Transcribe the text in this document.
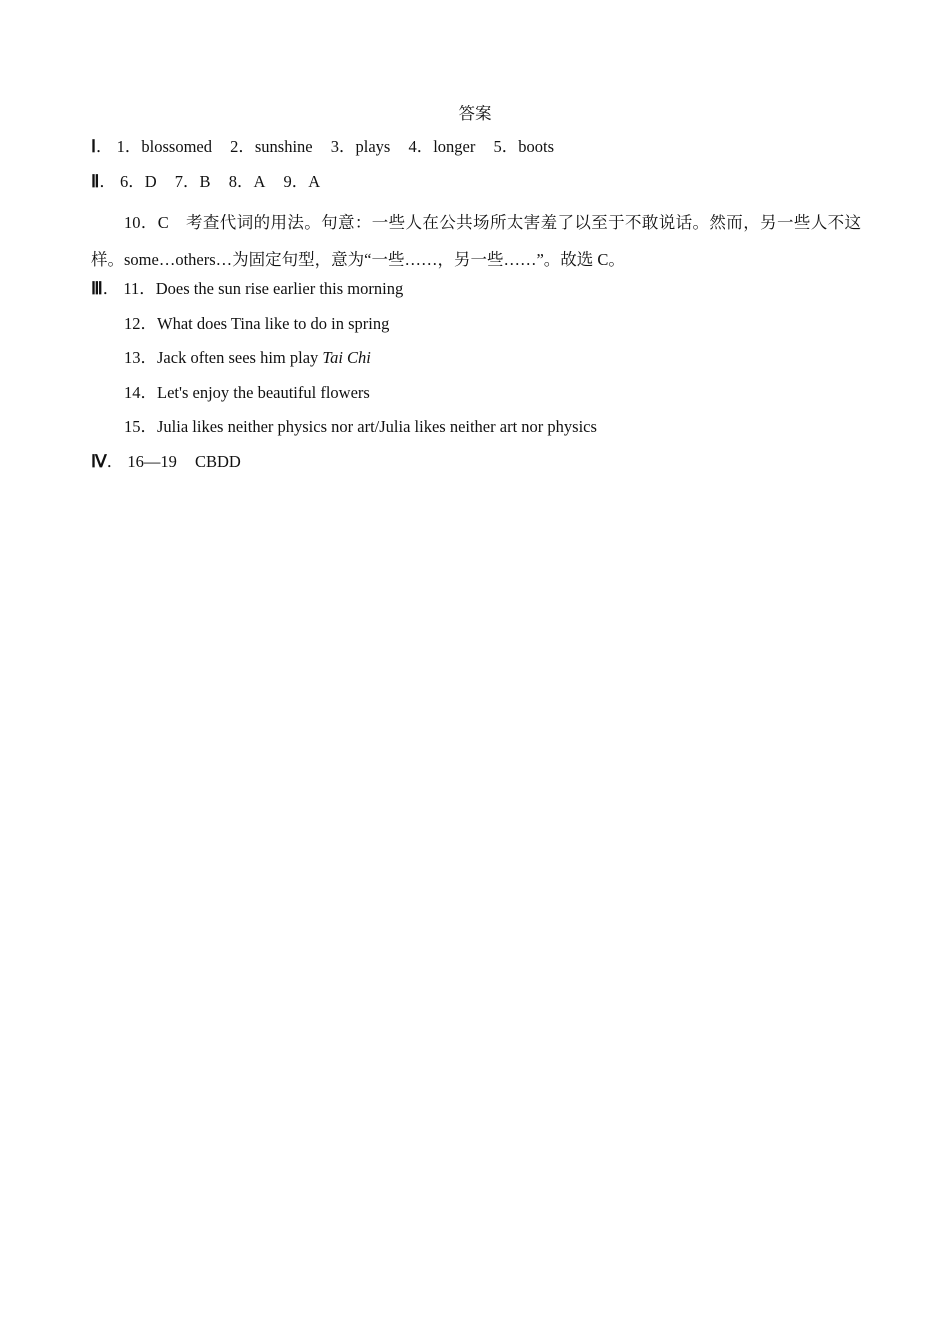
答案
Ⅰ． 1．blossomed 2．sunshine 3．plays 4．longer 5．boots
Ⅱ． 6．D 7．B 8．A 9．A
10．C　考查代词的用法。句意：一些人在公共场所太害羞了以至于不敢说话。然而，另一些人不这样。some…others…为固定句型，意为“一些……，另一些……”。故选 C。
Ⅲ． 11．Does the sun rise earlier this morning
12．What does Tina like to do in spring
13．Jack often sees him play Tai Chi
14．Let's enjoy the beautiful flowers
15．Julia likes neither physics nor art/Julia likes neither art nor physics
Ⅳ． 16—19 CBDD
